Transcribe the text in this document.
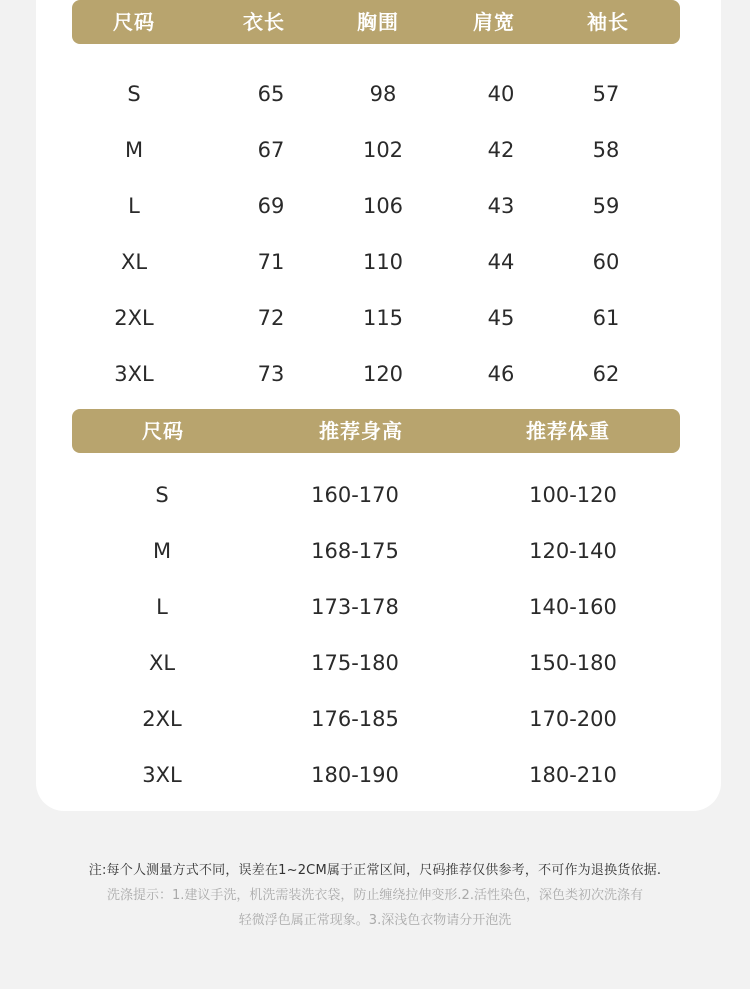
尺码	衣长	胸围	肩宽	袖长
S	65	98	40	57
M	67	102	42	58
L	69	106	43	59
XL	71	110	44	60
2XL	72	115	45	61
3XL	73	120	46	62
尺码	推荐身高	推荐体重
S	160-170	100-120
M	168-175	120-140
L	173-178	140-160
XL	175-180	150-180
2XL	176-185	170-200
3XL	180-190	180-210
注:每个人测量方式不同，误差在1~2CM属于正常区间，尺码推荐仅供参考，不可作为退换货依据.
洗涤提示：1.建议手洗，机洗需装洗衣袋，防止缠绕拉伸变形.2.活性染色，深色类初次洗涤有
轻微浮色属正常现象。3.深浅色衣物请分开泡洗
